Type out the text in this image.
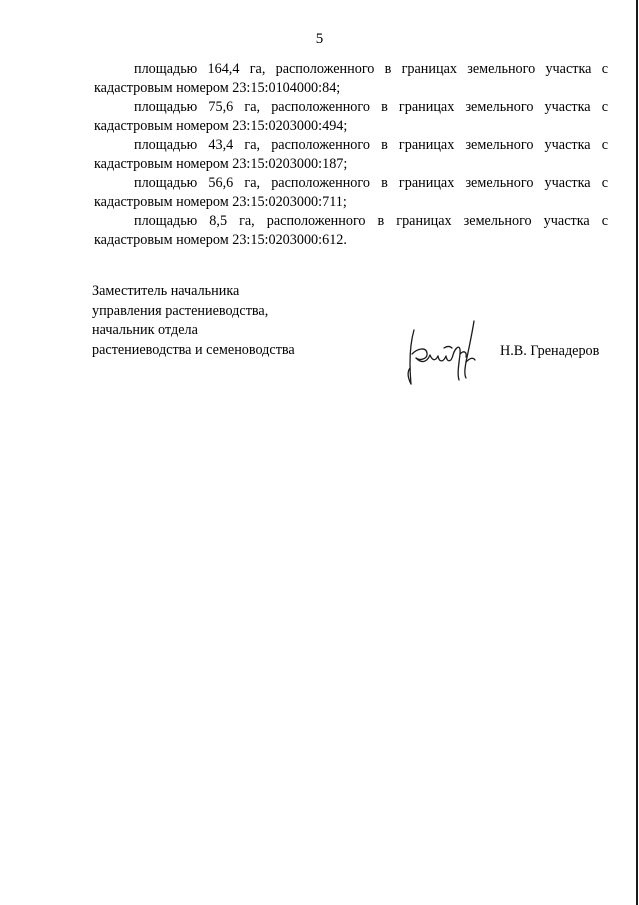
5

площадью 164,4 га, расположенного в границах земельного участка с кадастровым номером 23:15:0104000:84;

площадью 75,6 га, расположенного в границах земельного участка с кадастровым номером 23:15:0203000:494;

площадью 43,4 га, расположенного в границах земельного участка с кадастровым номером 23:15:0203000:187;

площадью 56,6 га, расположенного в границах земельного участка с кадастровым номером 23:15:0203000:711;

площадью 8,5 га, расположенного в границах земельного участка с кадастровым номером 23:15:0203000:612.

Заместитель начальника
управления растениеводства,
начальник отдела
растениеводства и семеноводства	Н.В. Гренадеров
